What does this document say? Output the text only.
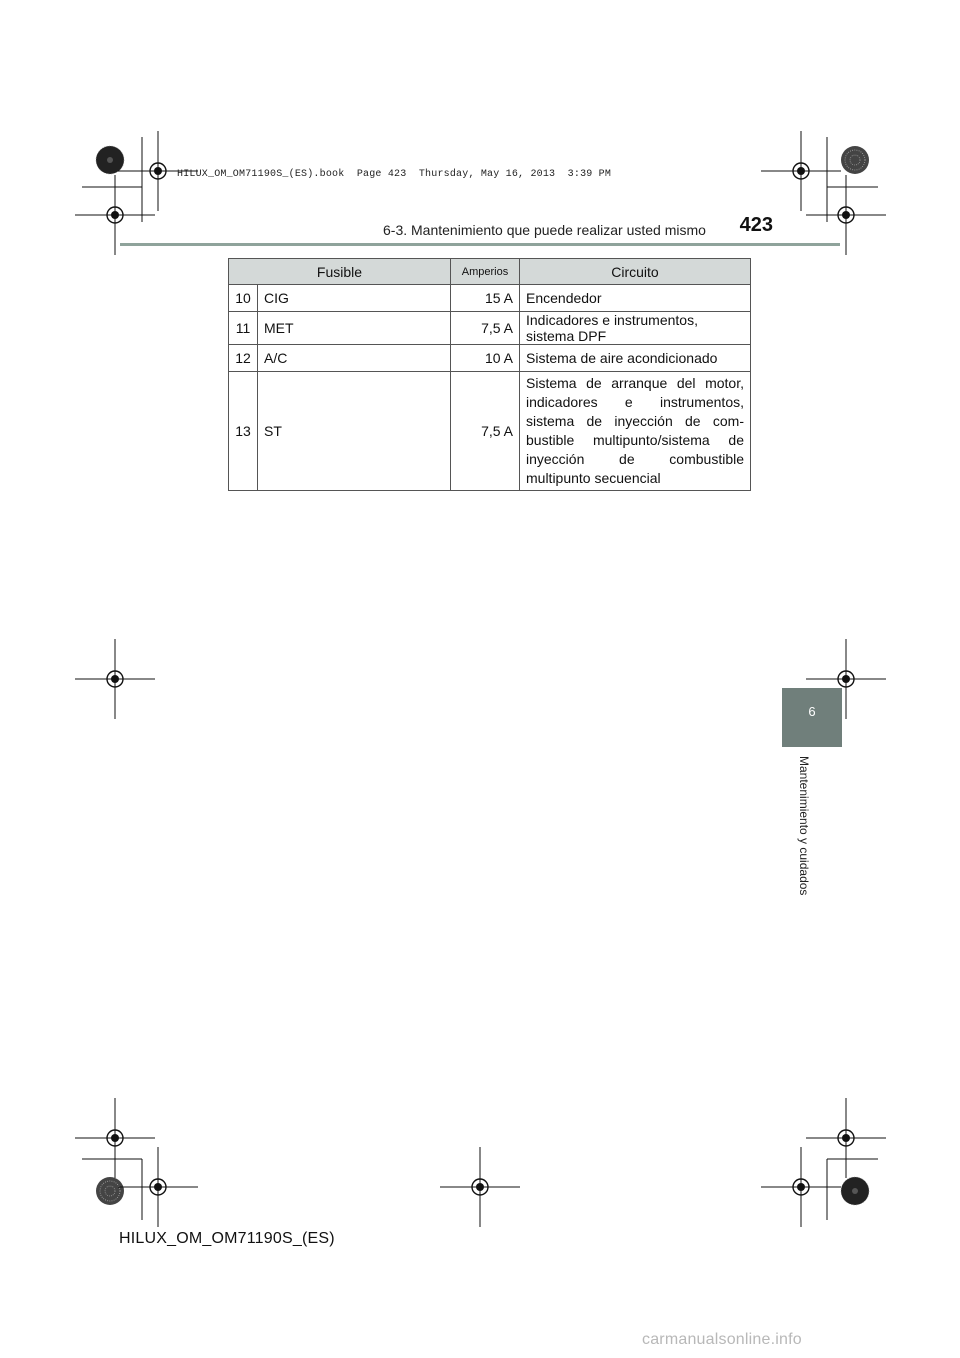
HILUX_OM_OM71190S_(ES).book  Page 423  Thursday, May 16, 2013  3:39 PM
423
6-3. Mantenimiento que puede realizar usted mismo
Fusible		Amperios	Circuito
10	CIG	15 A	Encendedor
11	MET	7,5 A	Indicadores e instrumentos, sistema DPF
12	A/C	10 A	Sistema de aire acondicionado
13	ST	7,5 A	Sistema de arranque del motor, indicadores e instrumentos, sistema de inyección de com-bustible multipunto/sistema de inyección de combustible multipunto secuencial
6
Mantenimiento y cuidados
HILUX_OM_OM71190S_(ES)
carmanualsonline.info
